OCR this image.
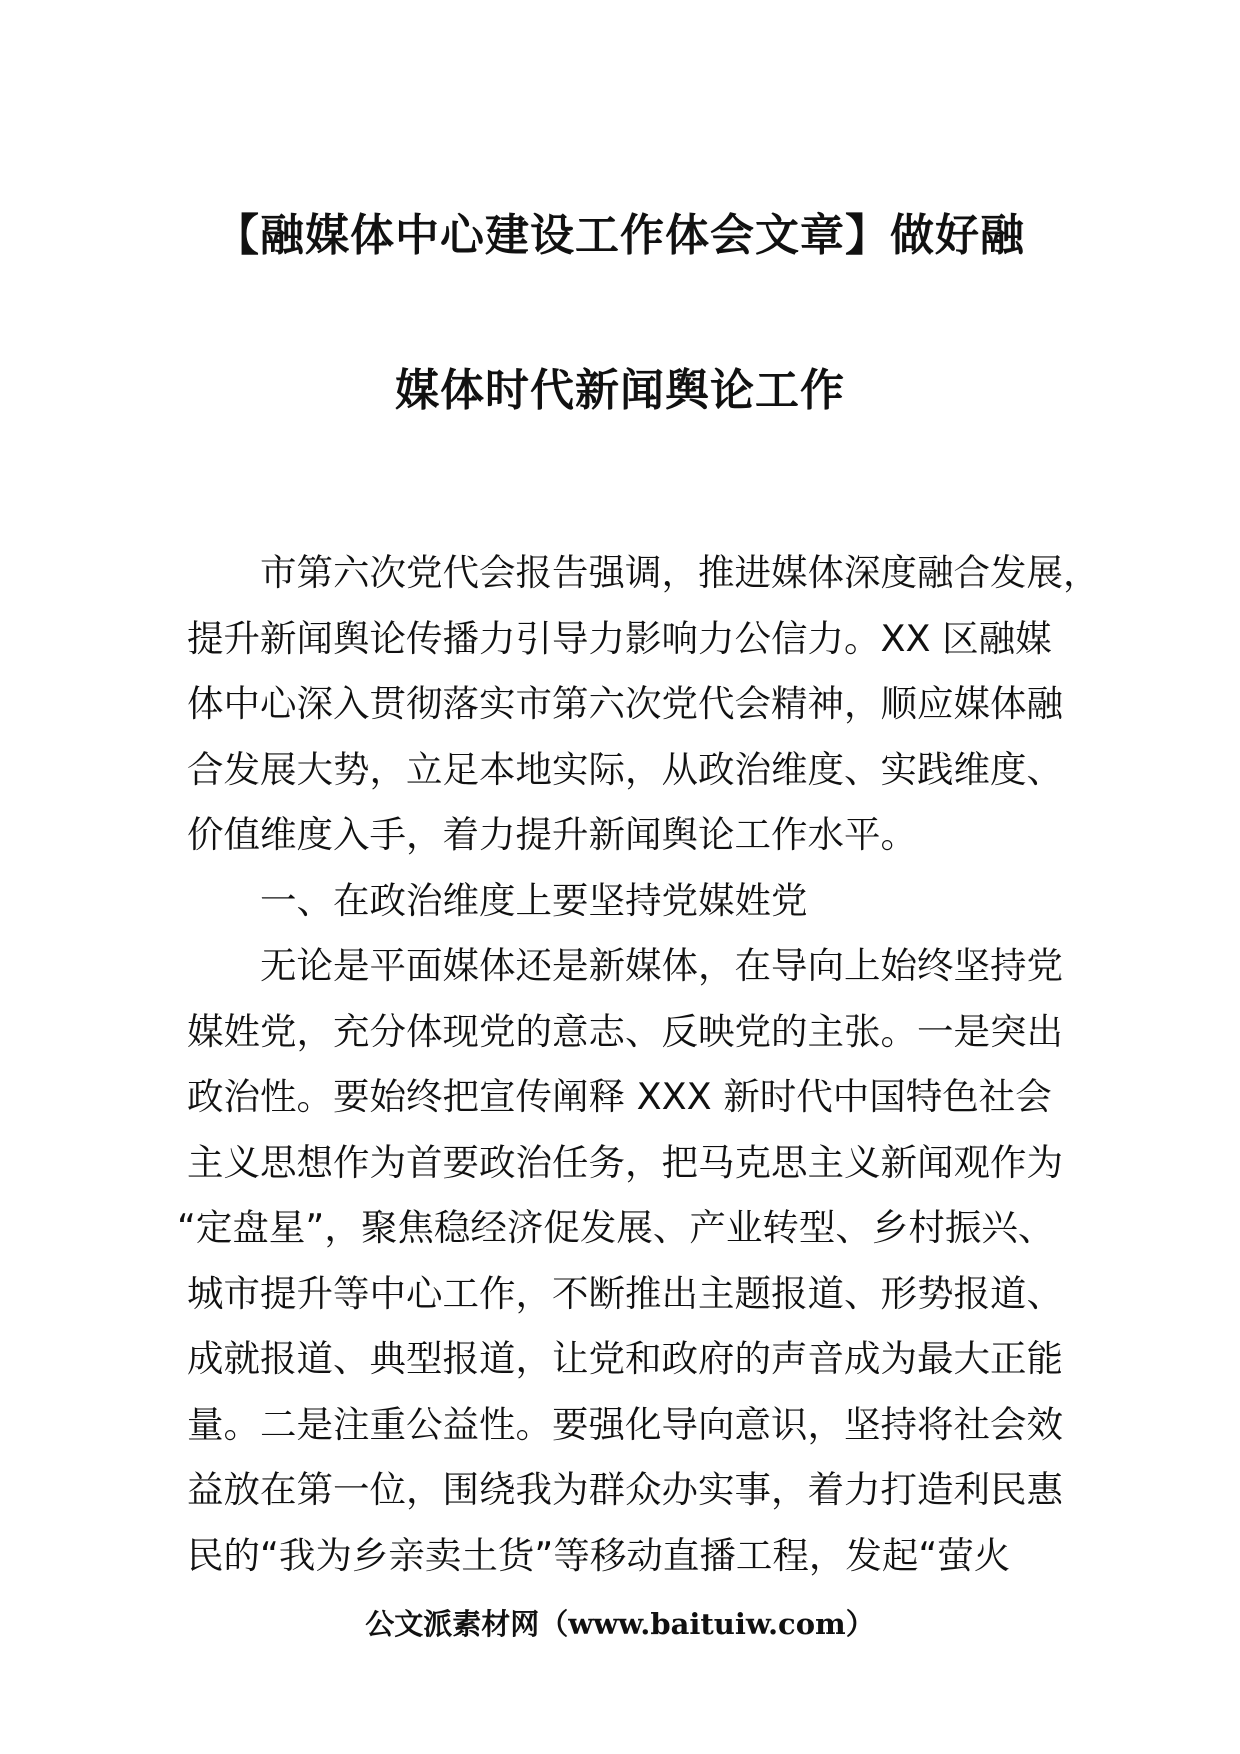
【融媒体中心建设工作体会文章】做好融
媒体时代新闻舆论工作
市第六次党代会报告强调，推进媒体深度融合发展，
提升新闻舆论传播力引导力影响力公信力。XX 区融媒
体中心深入贯彻落实市第六次党代会精神，顺应媒体融
合发展大势，立足本地实际，从政治维度、实践维度、
价值维度入手，着力提升新闻舆论工作水平。
一、在政治维度上要坚持党媒姓党
无论是平面媒体还是新媒体，在导向上始终坚持党
媒姓党，充分体现党的意志、反映党的主张。一是突出
政治性。要始终把宣传阐释 XXX 新时代中国特色社会
主义思想作为首要政治任务，把马克思主义新闻观作为
“定盘星”，聚焦稳经济促发展、产业转型、乡村振兴、
城市提升等中心工作，不断推出主题报道、形势报道、
成就报道、典型报道，让党和政府的声音成为最大正能
量。二是注重公益性。要强化导向意识，坚持将社会效
益放在第一位，围绕我为群众办实事，着力打造利民惠
民的“我为乡亲卖土货”等移动直播工程，发起“萤火
公文派素材网（www.baituiw.com）
